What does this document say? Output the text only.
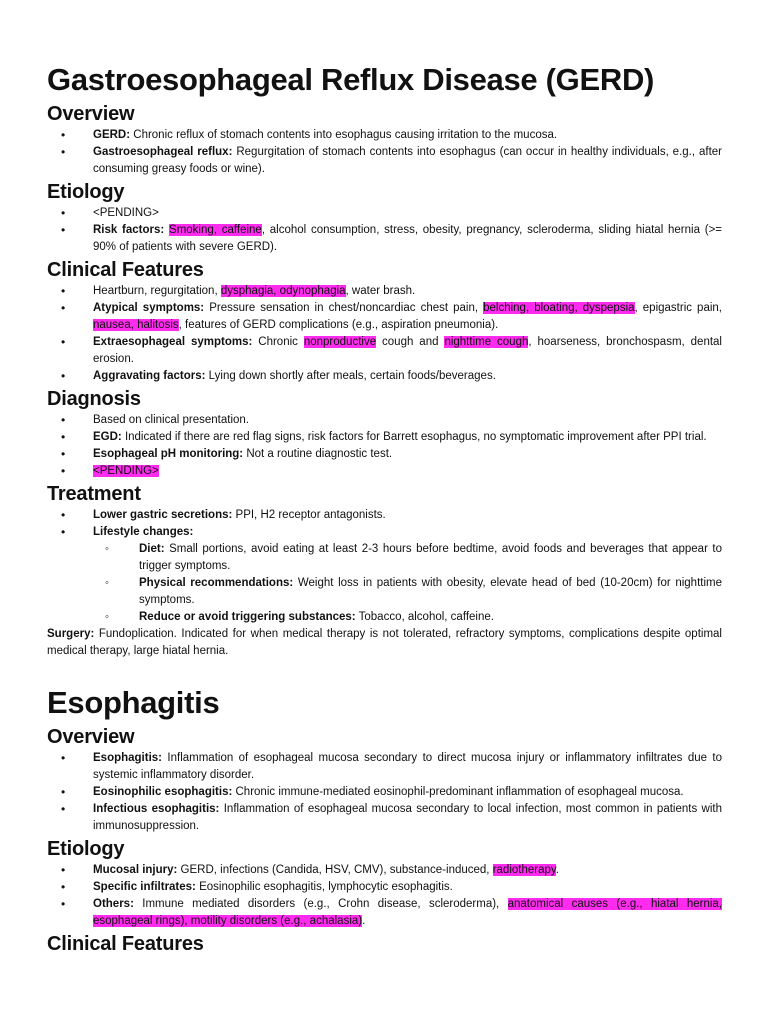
Gastroesophageal Reflux Disease (GERD)
Overview
• GERD: Chronic reflux of stomach contents into esophagus causing irritation to the mucosa.
• Gastroesophageal reflux: Regurgitation of stomach contents into esophagus (can occur in healthy individuals, e.g., after consuming greasy foods or wine).
Etiology
• <PENDING>
• Risk factors: Smoking, caffeine, alcohol consumption, stress, obesity, pregnancy, scleroderma, sliding hiatal hernia (>= 90% of patients with severe GERD).
Clinical Features
• Heartburn, regurgitation, dysphagia, odynophagia, water brash.
• Atypical symptoms: Pressure sensation in chest/noncardiac chest pain, belching, bloating, dyspepsia, epigastric pain, nausea, halitosis, features of GERD complications (e.g., aspiration pneumonia).
• Extraesophageal symptoms: Chronic nonproductive cough and nighttime cough, hoarseness, bronchospasm, dental erosion.
• Aggravating factors: Lying down shortly after meals, certain foods/beverages.
Diagnosis
• Based on clinical presentation.
• EGD: Indicated if there are red flag signs, risk factors for Barrett esophagus, no symptomatic improvement after PPI trial.
• Esophageal pH monitoring: Not a routine diagnostic test.
• <PENDING>
Treatment
• Lower gastric secretions: PPI, H2 receptor antagonists.
• Lifestyle changes:
◦ Diet: Small portions, avoid eating at least 2-3 hours before bedtime, avoid foods and beverages that appear to trigger symptoms.
◦ Physical recommendations: Weight loss in patients with obesity, elevate head of bed (10-20cm) for nighttime symptoms.
◦ Reduce or avoid triggering substances: Tobacco, alcohol, caffeine.

Surgery: Fundoplication. Indicated for when medical therapy is not tolerated, refractory symptoms, complications despite optimal medical therapy, large hiatal hernia.

Esophagitis
Overview
• Esophagitis: Inflammation of esophageal mucosa secondary to direct mucosa injury or inflammatory infiltrates due to systemic inflammatory disorder.
• Eosinophilic esophagitis: Chronic immune-mediated eosinophil-predominant inflammation of esophageal mucosa.
• Infectious esophagitis: Inflammation of esophageal mucosa secondary to local infection, most common in patients with immunosuppression.
Etiology
• Mucosal injury: GERD, infections (Candida, HSV, CMV), substance-induced, radiotherapy.
• Specific infiltrates: Eosinophilic esophagitis, lymphocytic esophagitis.
• Others: Immune mediated disorders (e.g., Crohn disease, scleroderma), anatomical causes (e.g., hiatal hernia, esophageal rings), motility disorders (e.g., achalasia).
Clinical Features
